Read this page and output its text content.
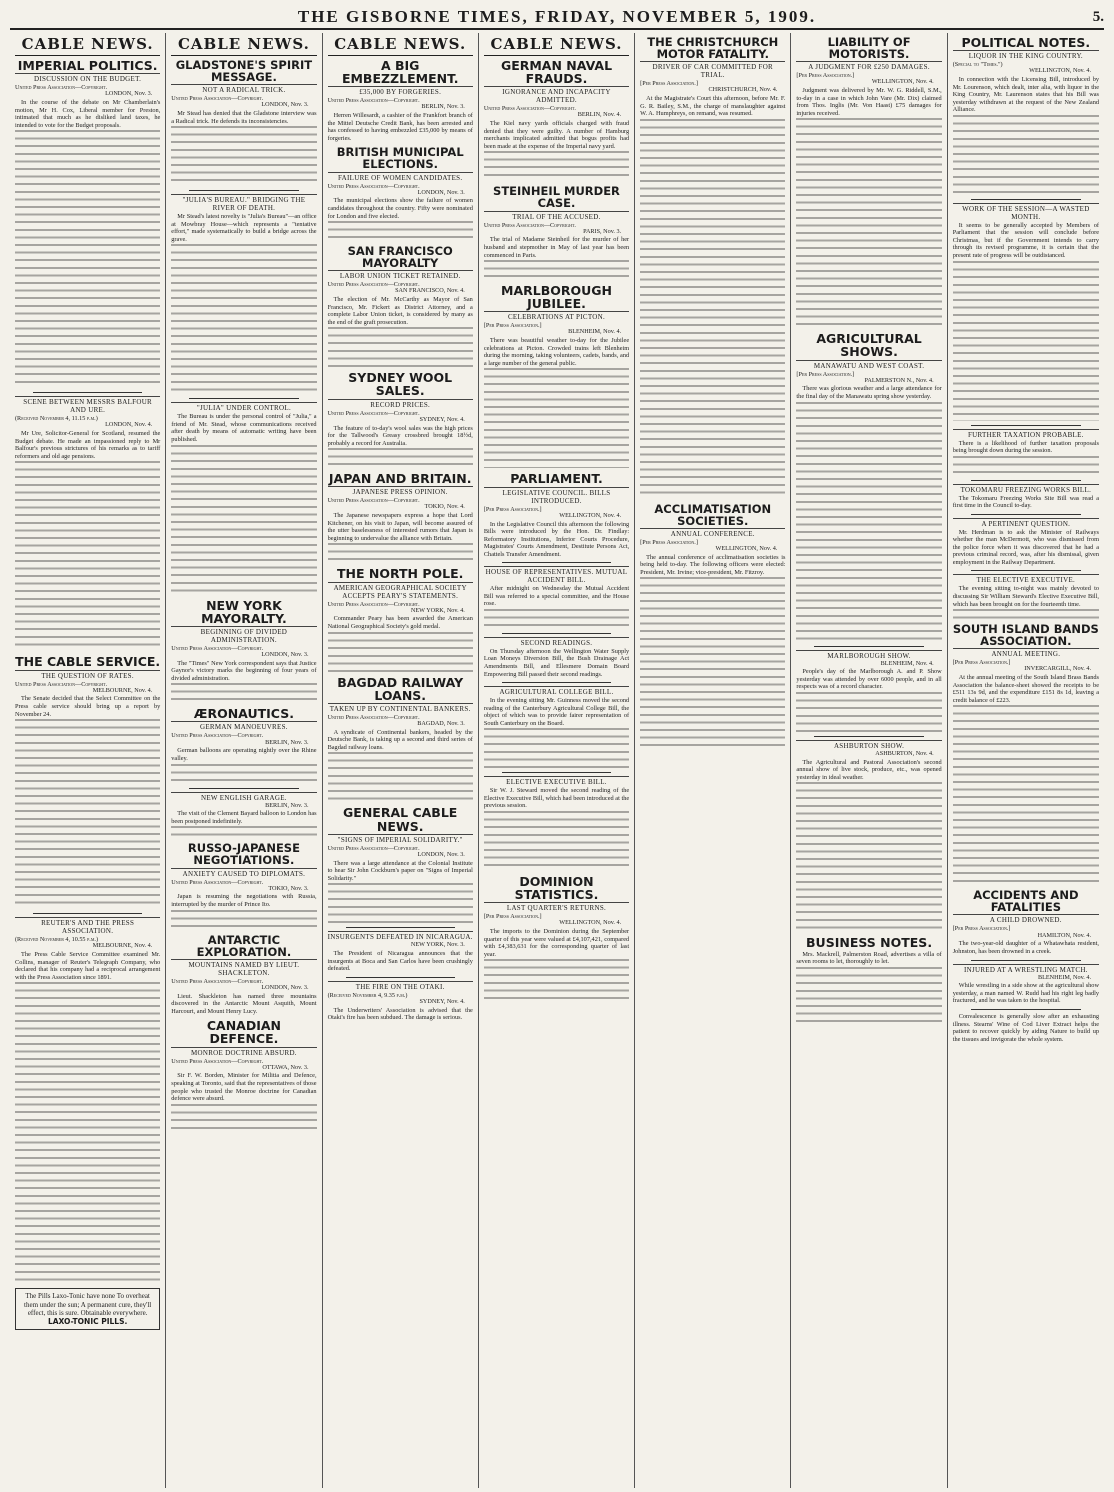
THE GISBORNE TIMES, FRIDAY, NOVEMBER 5, 1909.	5.
CABLE NEWS.
IMPERIAL POLITICS.
DISCUSSION ON THE BUDGET.
United Press Association—Copyright.
LONDON, Nov. 3.

In the course of the debate on Mr Chamberlain's motion, Mr H. Cox, Liberal member for Preston, intimated that much as he disliked land taxes, he intended to vote for the Budget proposals.

SCENE BETWEEN MESSRS BALFOUR AND URE.
(Received November 4, 11.15 p.m.)
LONDON, Nov. 4.

Mr Ure, Solicitor-General for Scotland, resumed the Budget debate. He made an impassioned reply to Mr Balfour's previous strictures of his remarks as to tariff reformers and old age pensions.

THE CABLE SERVICE.
THE QUESTION OF RATES.
United Press Association—Copyright.
MELBOURNE, Nov. 4.

The Senate decided that the Select Committee on the Press cable service should bring up a report by November 24.

REUTER'S AND THE PRESS ASSOCIATION.
(Received November 4, 10.55 p.m.)
MELBOURNE, Nov. 4.

The Press Cable Service Committee examined Mr. Collins, manager of Reuter's Telegraph Company, who declared that his company had a reciprocal arrangement with the Press Association since 1891.

The Pills Laxo-Tonic have none To overheat them under the sun; A permanent cure, they'll effect, this is sure. Obtainable everywhere.
LAXO-TONIC PILLS.
CABLE NEWS.
GLADSTONE'S SPIRIT MESSAGE.
NOT A RADICAL TRICK.
United Press Association—Copyright.
LONDON, Nov. 3.

Mr Stead has denied that the Gladstone interview was a Radical trick. He defends its inconsistencies.

"JULIA'S BUREAU." BRIDGING THE RIVER OF DEATH.

Mr Stead's latest novelty is "Julia's Bureau"—an office at Mowbray House—which represents a "tentative effort," made systematically to build a bridge across the grave.

"JULIA" UNDER CONTROL.

The Bureau is under the personal control of "Julia," a friend of Mr. Stead, whose communications received after death by means of automatic writing have been published.

NEW YORK MAYORALTY.
BEGINNING OF DIVIDED ADMINISTRATION.
United Press Association—Copyright.
LONDON, Nov. 3.

The "Times" New York correspondent says that Justice Gaynor's victory marks the beginning of four years of divided administration.

ÆRONAUTICS.
GERMAN MANOEUVRES.
United Press Association—Copyright.
BERLIN, Nov. 3.

German balloons are operating nightly over the Rhine valley.

NEW ENGLISH GARAGE.
BERLIN, Nov. 3.

The visit of the Clement Bayard balloon to London has been postponed indefinitely.

RUSSO-JAPANESE NEGOTIATIONS.
ANXIETY CAUSED TO DIPLOMATS.
United Press Association—Copyright.
TOKIO, Nov. 3.

Japan is resuming the negotiations with Russia, interrupted by the murder of Prince Ito.

ANTARCTIC EXPLORATION.
MOUNTAINS NAMED BY LIEUT. SHACKLETON.
United Press Association—Copyright.
LONDON, Nov. 3.

Lieut. Shackleton has named three mountains discovered in the Antarctic Mount Asquith, Mount Harcourt, and Mount Henry Lucy.

CANADIAN DEFENCE.
MONROE DOCTRINE ABSURD.
United Press Association—Copyright.
OTTAWA, Nov. 3.

Sir F. W. Borden, Minister for Militia and Defence, speaking at Toronto, said that the representatives of those people who trusted the Monroe doctrine for Canadian defence were absurd.

CABLE NEWS.
A BIG EMBEZZLEMENT.
£35,000 BY FORGERIES.
United Press Association—Copyright.
BERLIN, Nov. 3.

Herren Willesardt, a cashier of the Frankfort branch of the Mittel Deutsche Credit Bank, has been arrested and has confessed to having embezzled £35,000 by means of forgeries.

BRITISH MUNICIPAL ELECTIONS.
FAILURE OF WOMEN CANDIDATES.
United Press Association—Copyright.
LONDON, Nov. 3.

The municipal elections show the failure of women candidates throughout the country. Fifty were nominated for London and five elected.

SAN FRANCISCO MAYORALTY
LABOR UNION TICKET RETAINED.
United Press Association—Copyright.
SAN FRANCISCO, Nov. 4.

The election of Mr. McCarthy as Mayor of San Francisco, Mr. Fickert as District Attorney, and a complete Labor Union ticket, is considered by many as the end of the graft prosecution.

SYDNEY WOOL SALES.
RECORD PRICES.
United Press Association—Copyright.
SYDNEY, Nov. 4.

The feature of to-day's wool sales was the high prices for the Tallwood's Greasy crossbred brought 18½d, probably a record for Australia.

JAPAN AND BRITAIN.
JAPANESE PRESS OPINION.
United Press Association—Copyright.
TOKIO, Nov. 4.

The Japanese newspapers express a hope that Lord Kitchener, on his visit to Japan, will become assured of the utter baselessness of interested rumors that Japan is beginning to undervalue the alliance with Britain.

THE NORTH POLE.
AMERICAN GEOGRAPHICAL SOCIETY ACCEPTS PEARY'S STATEMENTS.
United Press Association—Copyright.
NEW YORK, Nov. 4.

Commander Peary has been awarded the American National Geographical Society's gold medal.

BAGDAD RAILWAY LOANS.
TAKEN UP BY CONTINENTAL BANKERS.
United Press Association—Copyright.
BAGDAD, Nov. 3.

A syndicate of Continental bankers, headed by the Deutsche Bank, is taking up a second and third series of Bagdad railway loans.

GENERAL CABLE NEWS.
"SIGNS OF IMPERIAL SOLIDARITY."
United Press Association—Copyright.
LONDON, Nov. 3.

There was a large attendance at the Colonial Institute to hear Sir John Cockburn's paper on "Signs of Imperial Solidarity."

INSURGENTS DEFEATED IN NICARAGUA.
NEW YORK, Nov. 3.

The President of Nicaragua announces that the insurgents at Boca and San Carlos have been crushingly defeated.

THE FIRE ON THE OTAKI.
(Received November 4, 9.35 p.m.)
SYDNEY, Nov. 4.

The Underwriters' Association is advised that the Otaki's fire has been subdued. The damage is serious.

CABLE NEWS.
GERMAN NAVAL FRAUDS.
IGNORANCE AND INCAPACITY ADMITTED.
United Press Association—Copyright.
BERLIN, Nov. 4.

The Kiel navy yards officials charged with fraud denied that they were guilty. A number of Hamburg merchants implicated admitted that bogus profits had been made at the expense of the Imperial navy yard.

STEINHEIL MURDER CASE.
TRIAL OF THE ACCUSED.
United Press Association—Copyright.
PARIS, Nov. 3.

The trial of Madame Steinheil for the murder of her husband and stepmother in May of last year has been commenced in Paris.

MARLBOROUGH JUBILEE.
CELEBRATIONS AT PICTON.
[Per Press Association.]
BLENHEIM, Nov. 4.

There was beautiful weather to-day for the Jubilee celebrations at Picton. Crowded trains left Blenheim during the morning, taking volunteers, cadets, bands, and a large number of the general public.

PARLIAMENT.
LEGISLATIVE COUNCIL. BILLS INTRODUCED.
[Per Press Association.]
WELLINGTON, Nov. 4.

In the Legislative Council this afternoon the following Bills were introduced by the Hon. Dr. Findlay: Reformatory Institutions, Inferior Courts Procedure, Magistrates' Courts Amendment, Destitute Persons Act, Chattels Transfer Amendment.

HOUSE OF REPRESENTATIVES. MUTUAL ACCIDENT BILL.

After midnight on Wednesday the Mutual Accident Bill was referred to a special committee, and the House rose.

SECOND READINGS.

On Thursday afternoon the Wellington Water Supply Loan Moneys Diversion Bill, the Bush Drainage Act Amendments Bill, and Ellesmere Domain Board Empowering Bill passed their second readings.

AGRICULTURAL COLLEGE BILL.

In the evening sitting Mr. Guinness moved the second reading of the Canterbury Agricultural College Bill, the object of which was to provide fairer representation of South Canterbury on the Board.

ELECTIVE EXECUTIVE BILL.

Sir W. J. Steward moved the second reading of the Elective Executive Bill, which had been introduced at the previous session.

DOMINION STATISTICS.
LAST QUARTER'S RETURNS.
[Per Press Association.]
WELLINGTON, Nov. 4.

The imports to the Dominion during the September quarter of this year were valued at £4,107,421, compared with £4,383,631 for the corresponding quarter of last year.

THE CHRISTCHURCH MOTOR FATALITY.
DRIVER OF CAR COMMITTED FOR TRIAL.
[Per Press Association.]
CHRISTCHURCH, Nov. 4.

At the Magistrate's Court this afternoon, before Mr. F. G. R. Bailey, S.M., the charge of manslaughter against W. A. Humphreys, on remand, was resumed.

ACCLIMATISATION SOCIETIES.
ANNUAL CONFERENCE.
[Per Press Association.]
WELLINGTON, Nov. 4.

The annual conference of acclimatisation societies is being held to-day. The following officers were elected: President, Mr. Irvine; vice-president, Mr. Fitzroy.

LIABILITY OF MOTORISTS.
A JUDGMENT FOR £250 DAMAGES.
[Per Press Association.]
WELLINGTON, Nov. 4.

Judgment was delivered by Mr. W. G. Riddell, S.M., to-day in a case in which John Vare (Mr. Dix) claimed from Thos. Inglis (Mr. Von Haast) £75 damages for injuries received.

AGRICULTURAL SHOWS.
MANAWATU AND WEST COAST.
[Per Press Association.]
PALMERSTON N., Nov. 4.

There was glorious weather and a large attendance for the final day of the Manawatu spring show yesterday.

MARLBOROUGH SHOW.
BLENHEIM, Nov. 4.

People's day of the Marlborough A. and P. Show yesterday was attended by over 6000 people, and in all respects was of a record character.

ASHBURTON SHOW.
ASHBURTON, Nov. 4.

The Agricultural and Pastoral Association's second annual show of live stock, produce, etc., was opened yesterday in ideal weather.

BUSINESS NOTES.

Mrs. Mackrell, Palmerston Road, advertises a villa of seven rooms to let, thoroughly to let.

POLITICAL NOTES.
LIQUOR IN THE KING COUNTRY.
(Special to "Times.")
WELLINGTON, Nov. 4.

In connection with the Licensing Bill, introduced by Mr. Lourenson, which dealt, inter alia, with liquor in the King Country, Mr. Laurenson states that his Bill was yesterday withdrawn at the request of the New Zealand Alliance.

WORK OF THE SESSION—A WASTED MONTH.

It seems to be generally accepted by Members of Parliament that the session will conclude before Christmas, but if the Government intends to carry through its revised programme, it is certain that the present rate of progress will be outdistanced.

FURTHER TAXATION PROBABLE.

There is a likelihood of further taxation proposals being brought down during the session.

TOKOMARU FREEZING WORKS BILL.

The Tokomaru Freezing Works Site Bill was read a first time in the Council to-day.

A PERTINENT QUESTION.

Mr. Herdman is to ask the Minister of Railways whether the man McDermott, who was dismissed from the police force when it was discovered that he had a previous criminal record, was, after his dismissal, given employment in the Railway Department.

THE ELECTIVE EXECUTIVE.

The evening sitting to-night was mainly devoted to discussing Sir William Steward's Elective Executive Bill, which has been brought on for the fourteenth time.

SOUTH ISLAND BANDS ASSOCIATION.
ANNUAL MEETING.
[Per Press Association.]
INVERCARGILL, Nov. 4.

At the annual meeting of the South Island Brass Bands Association the balance-sheet showed the receipts to be £511 13s 9d, and the expenditure £151 8s 1d, leaving a credit balance of £223.

ACCIDENTS AND FATALITIES
A CHILD DROWNED.
[Per Press Association.]
HAMILTON, Nov. 4.

The two-year-old daughter of a Whatawhata resident, Johnston, has been drowned in a creek.

INJURED AT A WRESTLING MATCH.
BLENHEIM, Nov. 4.

While wrestling in a side show at the agricultural show yesterday, a man named W. Rudd had his right leg badly fractured, and he was taken to the hospital.

Convalescence is generally slow after an exhausting illness. Stearns' Wine of Cod Liver Extract helps the patient to recover quickly by aiding Nature to build up the tissues and invigorate the whole system.
